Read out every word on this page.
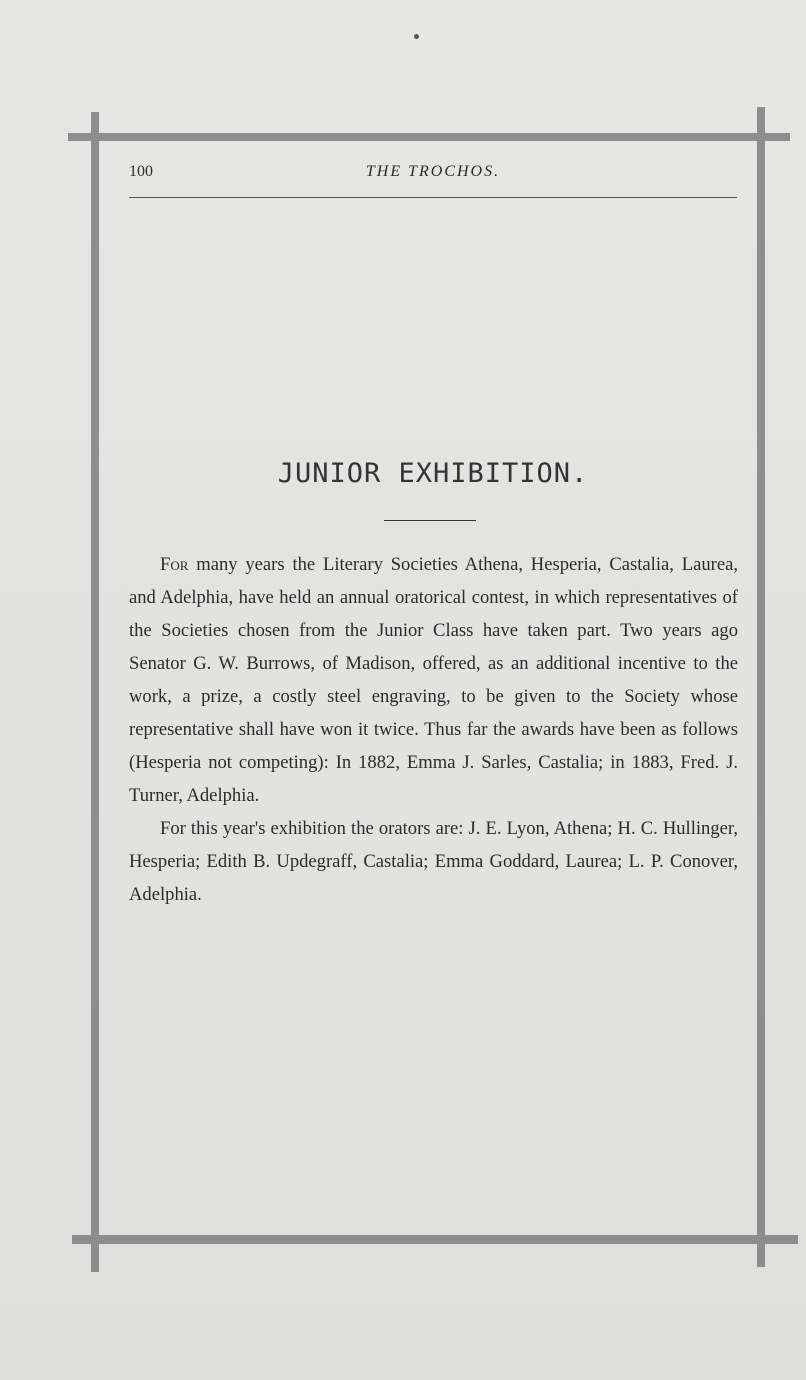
100	THE TROCHOS.
JUNIOR EXHIBITION.

For many years the Literary Societies Athena, Hesperia, Castalia, Laurea, and Adelphia, have held an annual oratorical contest, in which representatives of the Societies chosen from the Junior Class have taken part. Two years ago Senator G. W. Burrows, of Madison, offered, as an additional incentive to the work, a prize, a costly steel engraving, to be given to the Society whose representative shall have won it twice. Thus far the awards have been as follows (Hesperia not competing): In 1882, Emma J. Sarles, Castalia; in 1883, Fred. J. Turner, Adelphia.

For this year's exhibition the orators are: J. E. Lyon, Athena; H. C. Hullinger, Hesperia; Edith B. Updegraff, Castalia; Emma Goddard, Laurea; L. P. Conover, Adelphia.
